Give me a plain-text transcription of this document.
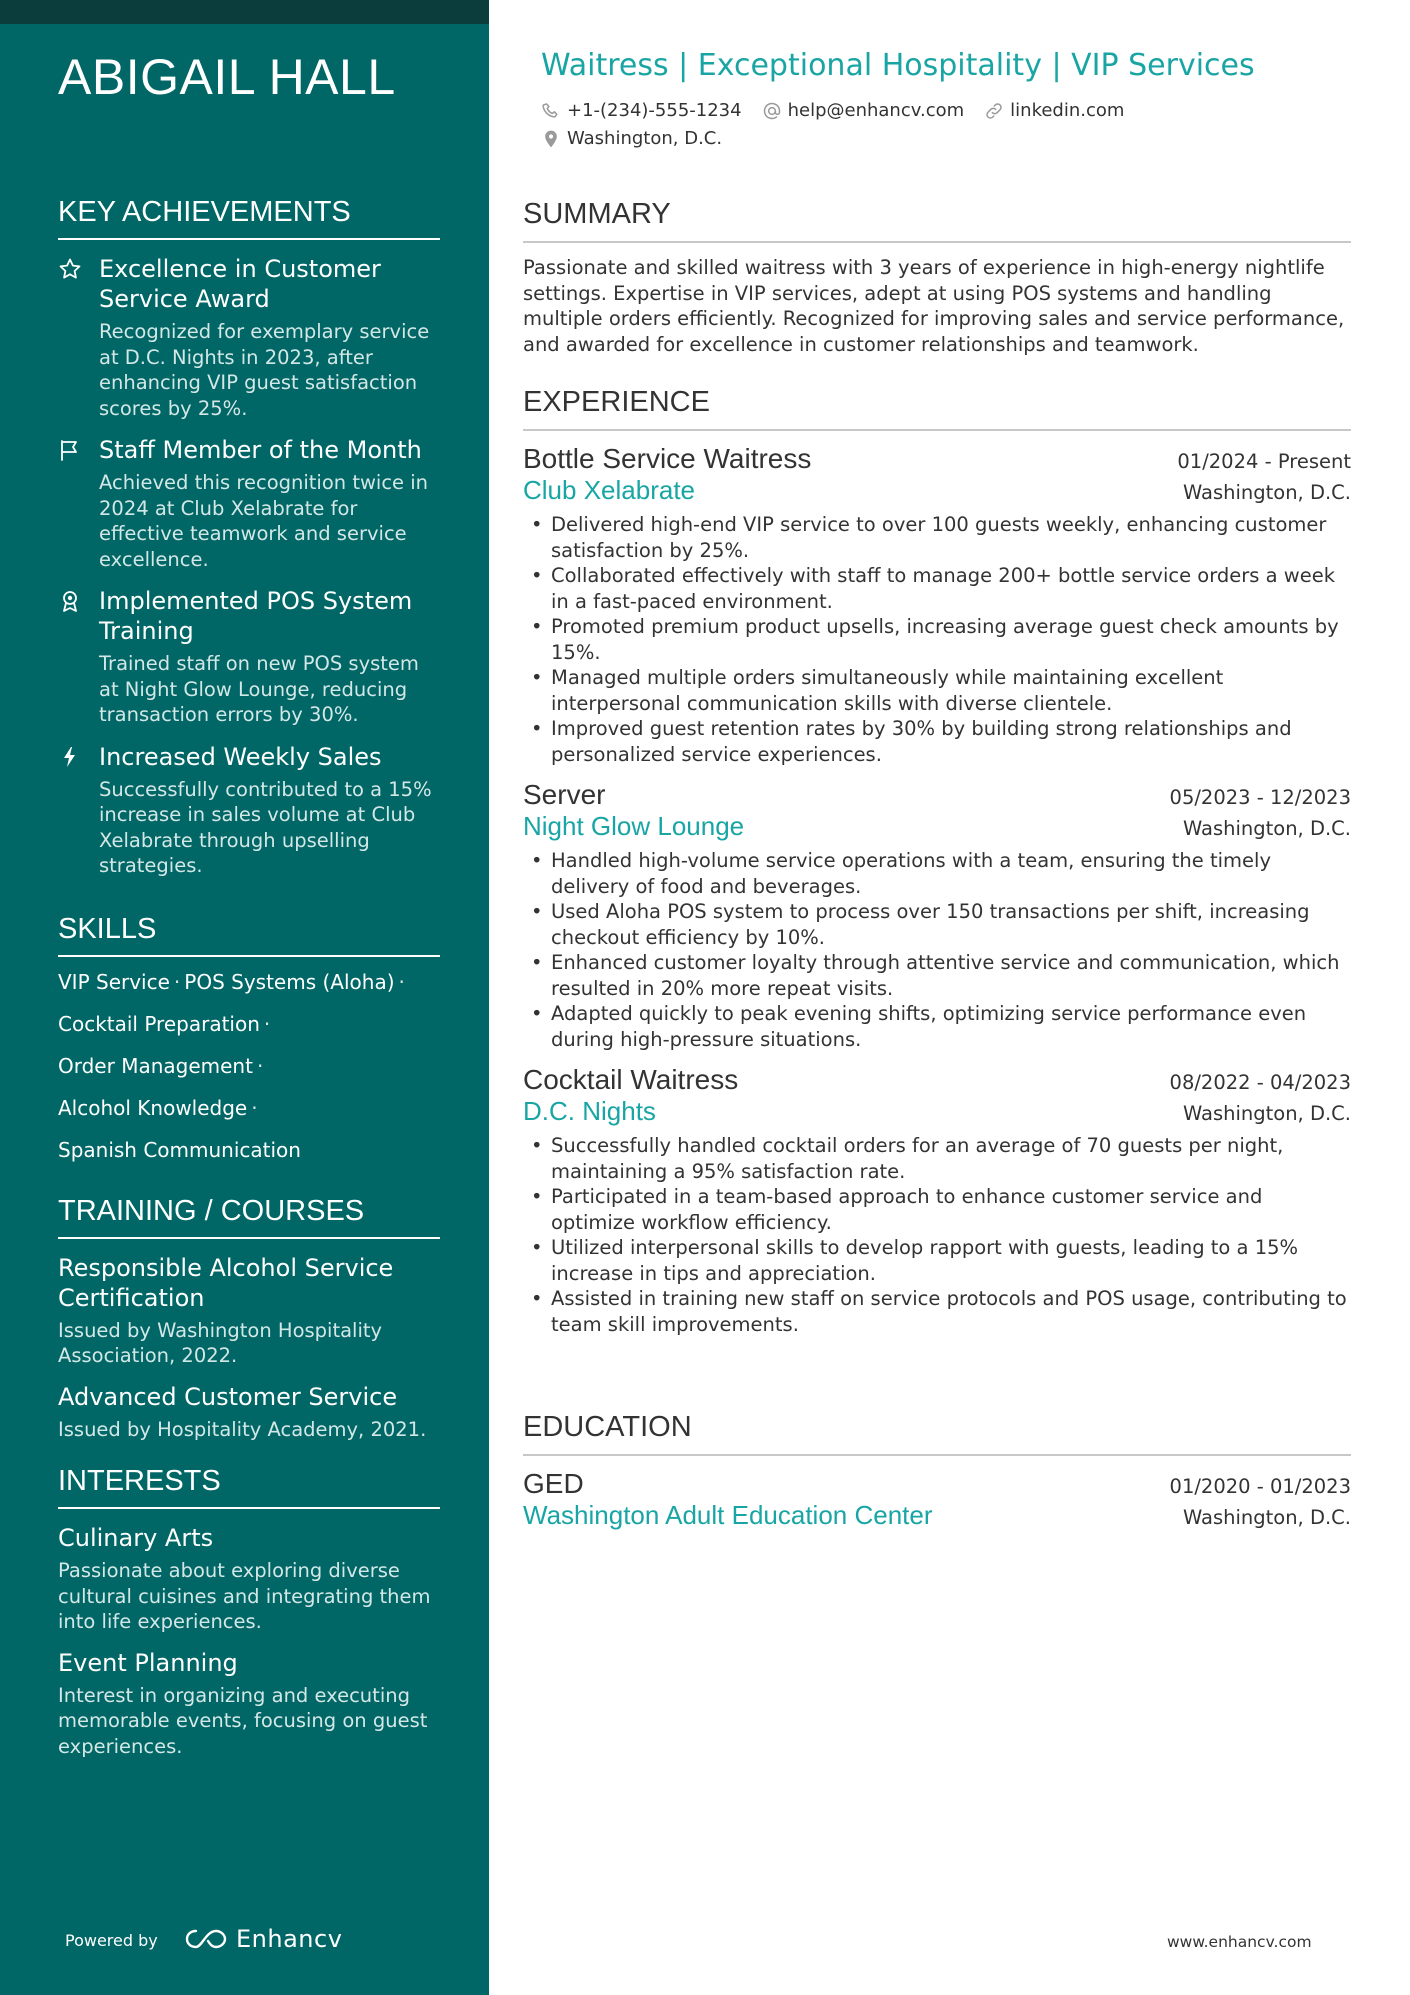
ABIGAIL HALL
KEY ACHIEVEMENTS
Excellence in Customer Service Award
Recognized for exemplary service at D.C. Nights in 2023, after enhancing VIP guest satisfaction scores by 25%.
Staff Member of the Month
Achieved this recognition twice in 2024 at Club Xelabrate for effective teamwork and service excellence.
Implemented POS System Training
Trained staff on new POS system at Night Glow Lounge, reducing transaction errors by 30%.
Increased Weekly Sales
Successfully contributed to a 15% increase in sales volume at Club Xelabrate through upselling strategies.
SKILLS
VIP Service · POS Systems (Aloha) ·
Cocktail Preparation ·
Order Management ·
Alcohol Knowledge ·
Spanish Communication
TRAINING / COURSES
Responsible Alcohol Service Certification
Issued by Washington Hospitality Association, 2022.
Advanced Customer Service
Issued by Hospitality Academy, 2021.
INTERESTS
Culinary Arts
Passionate about exploring diverse cultural cuisines and integrating them into life experiences.
Event Planning
Interest in organizing and executing memorable events, focusing on guest experiences.
Powered by	Enhancv
Waitress | Exceptional Hospitality | VIP Services
+1-(234)-555-1234	help@enhancv.com	linkedin.com
Washington, D.C.
SUMMARY
Passionate and skilled waitress with 3 years of experience in high-energy nightlife settings. Expertise in VIP services, adept at using POS systems and handling multiple orders efficiently. Recognized for improving sales and service performance, and awarded for excellence in customer relationships and teamwork.
EXPERIENCE
Bottle Service Waitress	01/2024 - Present
Club Xelabrate	Washington, D.C.
• Delivered high-end VIP service to over 100 guests weekly, enhancing customer satisfaction by 25%.
• Collaborated effectively with staff to manage 200+ bottle service orders a week in a fast-paced environment.
• Promoted premium product upsells, increasing average guest check amounts by 15%.
• Managed multiple orders simultaneously while maintaining excellent interpersonal communication skills with diverse clientele.
• Improved guest retention rates by 30% by building strong relationships and personalized service experiences.
Server	05/2023 - 12/2023
Night Glow Lounge	Washington, D.C.
• Handled high-volume service operations with a team, ensuring the timely delivery of food and beverages.
• Used Aloha POS system to process over 150 transactions per shift, increasing checkout efficiency by 10%.
• Enhanced customer loyalty through attentive service and communication, which resulted in 20% more repeat visits.
• Adapted quickly to peak evening shifts, optimizing service performance even during high-pressure situations.
Cocktail Waitress	08/2022 - 04/2023
D.C. Nights	Washington, D.C.
• Successfully handled cocktail orders for an average of 70 guests per night, maintaining a 95% satisfaction rate.
• Participated in a team-based approach to enhance customer service and optimize workflow efficiency.
• Utilized interpersonal skills to develop rapport with guests, leading to a 15% increase in tips and appreciation.
• Assisted in training new staff on service protocols and POS usage, contributing to team skill improvements.
EDUCATION
GED	01/2020 - 01/2023
Washington Adult Education Center	Washington, D.C.
www.enhancv.com
